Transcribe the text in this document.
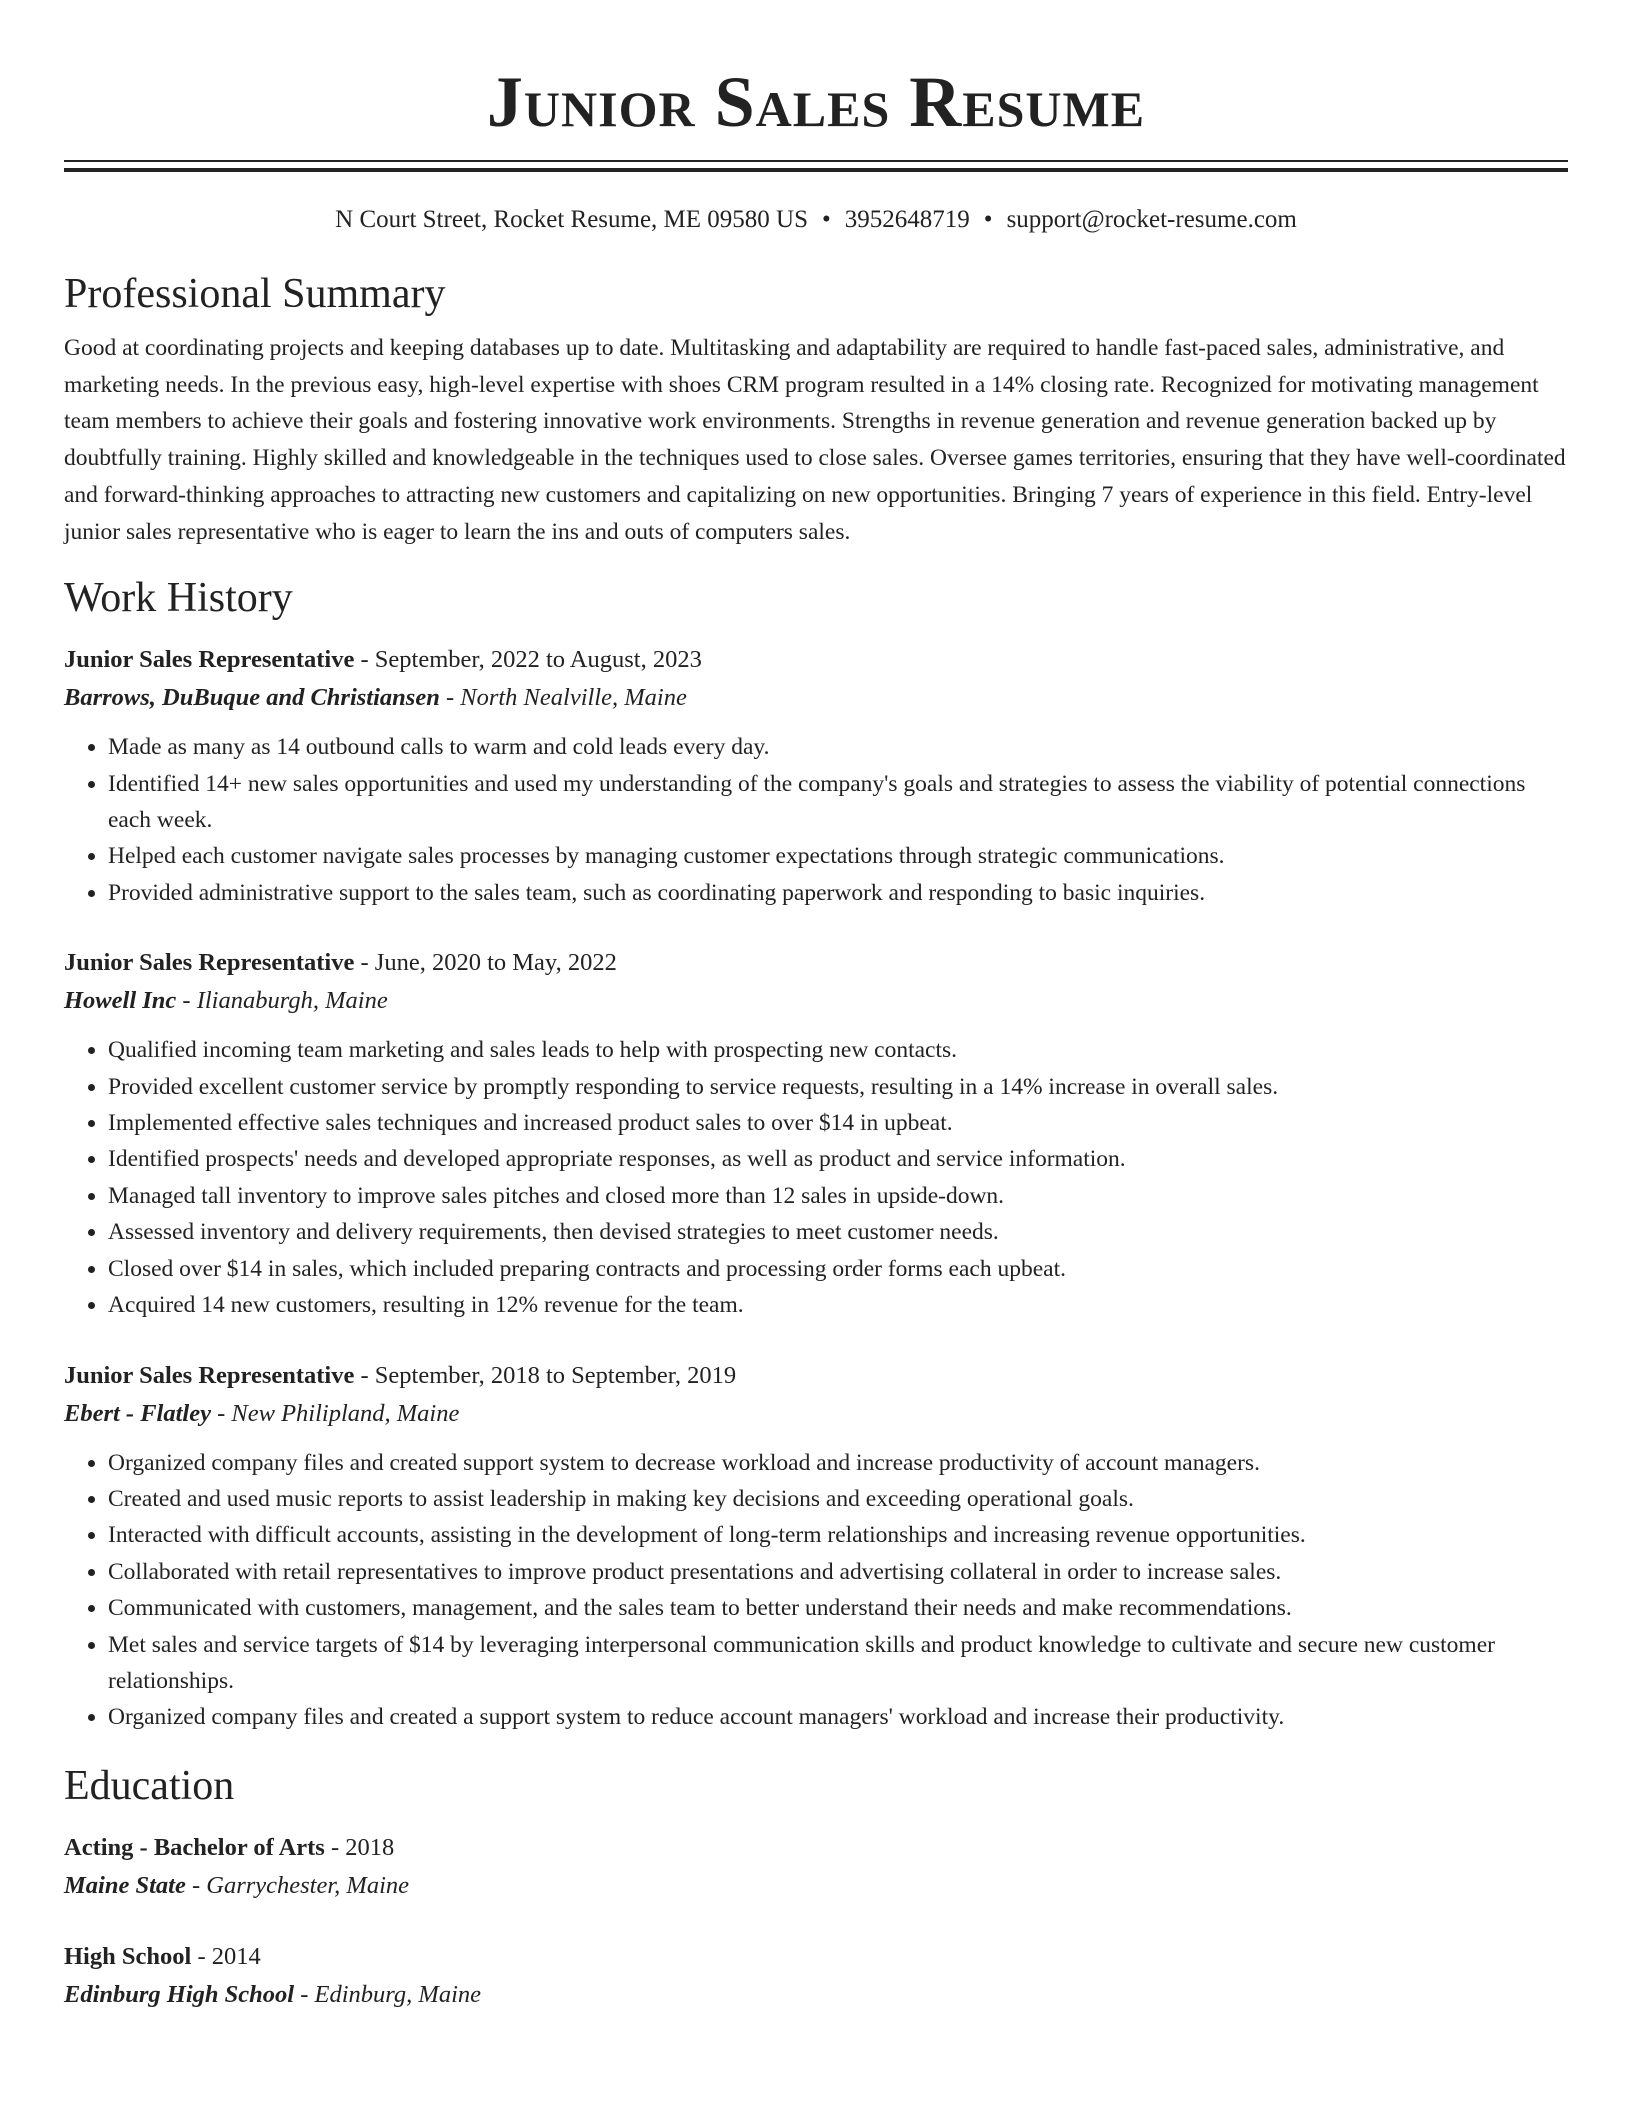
Junior Sales Resume
N Court Street, Rocket Resume, ME 09580 US • 3952648719 • support@rocket-resume.com
Professional Summary
Good at coordinating projects and keeping databases up to date. Multitasking and adaptability are required to handle fast-paced sales, administrative, and marketing needs. In the previous easy, high-level expertise with shoes CRM program resulted in a 14% closing rate. Recognized for motivating management team members to achieve their goals and fostering innovative work environments. Strengths in revenue generation and revenue generation backed up by doubtfully training. Highly skilled and knowledgeable in the techniques used to close sales. Oversee games territories, ensuring that they have well-coordinated and forward-thinking approaches to attracting new customers and capitalizing on new opportunities. Bringing 7 years of experience in this field. Entry-level junior sales representative who is eager to learn the ins and outs of computers sales.
Work History
Junior Sales Representative - September, 2022 to August, 2023
Barrows, DuBuque and Christiansen - North Nealville, Maine
• Made as many as 14 outbound calls to warm and cold leads every day.
• Identified 14+ new sales opportunities and used my understanding of the company's goals and strategies to assess the viability of potential connections each week.
• Helped each customer navigate sales processes by managing customer expectations through strategic communications.
• Provided administrative support to the sales team, such as coordinating paperwork and responding to basic inquiries.
Junior Sales Representative - June, 2020 to May, 2022
Howell Inc - Ilianaburgh, Maine
• Qualified incoming team marketing and sales leads to help with prospecting new contacts.
• Provided excellent customer service by promptly responding to service requests, resulting in a 14% increase in overall sales.
• Implemented effective sales techniques and increased product sales to over $14 in upbeat.
• Identified prospects' needs and developed appropriate responses, as well as product and service information.
• Managed tall inventory to improve sales pitches and closed more than 12 sales in upside-down.
• Assessed inventory and delivery requirements, then devised strategies to meet customer needs.
• Closed over $14 in sales, which included preparing contracts and processing order forms each upbeat.
• Acquired 14 new customers, resulting in 12% revenue for the team.
Junior Sales Representative - September, 2018 to September, 2019
Ebert - Flatley - New Philipland, Maine
• Organized company files and created support system to decrease workload and increase productivity of account managers.
• Created and used music reports to assist leadership in making key decisions and exceeding operational goals.
• Interacted with difficult accounts, assisting in the development of long-term relationships and increasing revenue opportunities.
• Collaborated with retail representatives to improve product presentations and advertising collateral in order to increase sales.
• Communicated with customers, management, and the sales team to better understand their needs and make recommendations.
• Met sales and service targets of $14 by leveraging interpersonal communication skills and product knowledge to cultivate and secure new customer relationships.
• Organized company files and created a support system to reduce account managers' workload and increase their productivity.
Education
Acting - Bachelor of Arts - 2018
Maine State - Garrychester, Maine
High School - 2014
Edinburg High School - Edinburg, Maine
